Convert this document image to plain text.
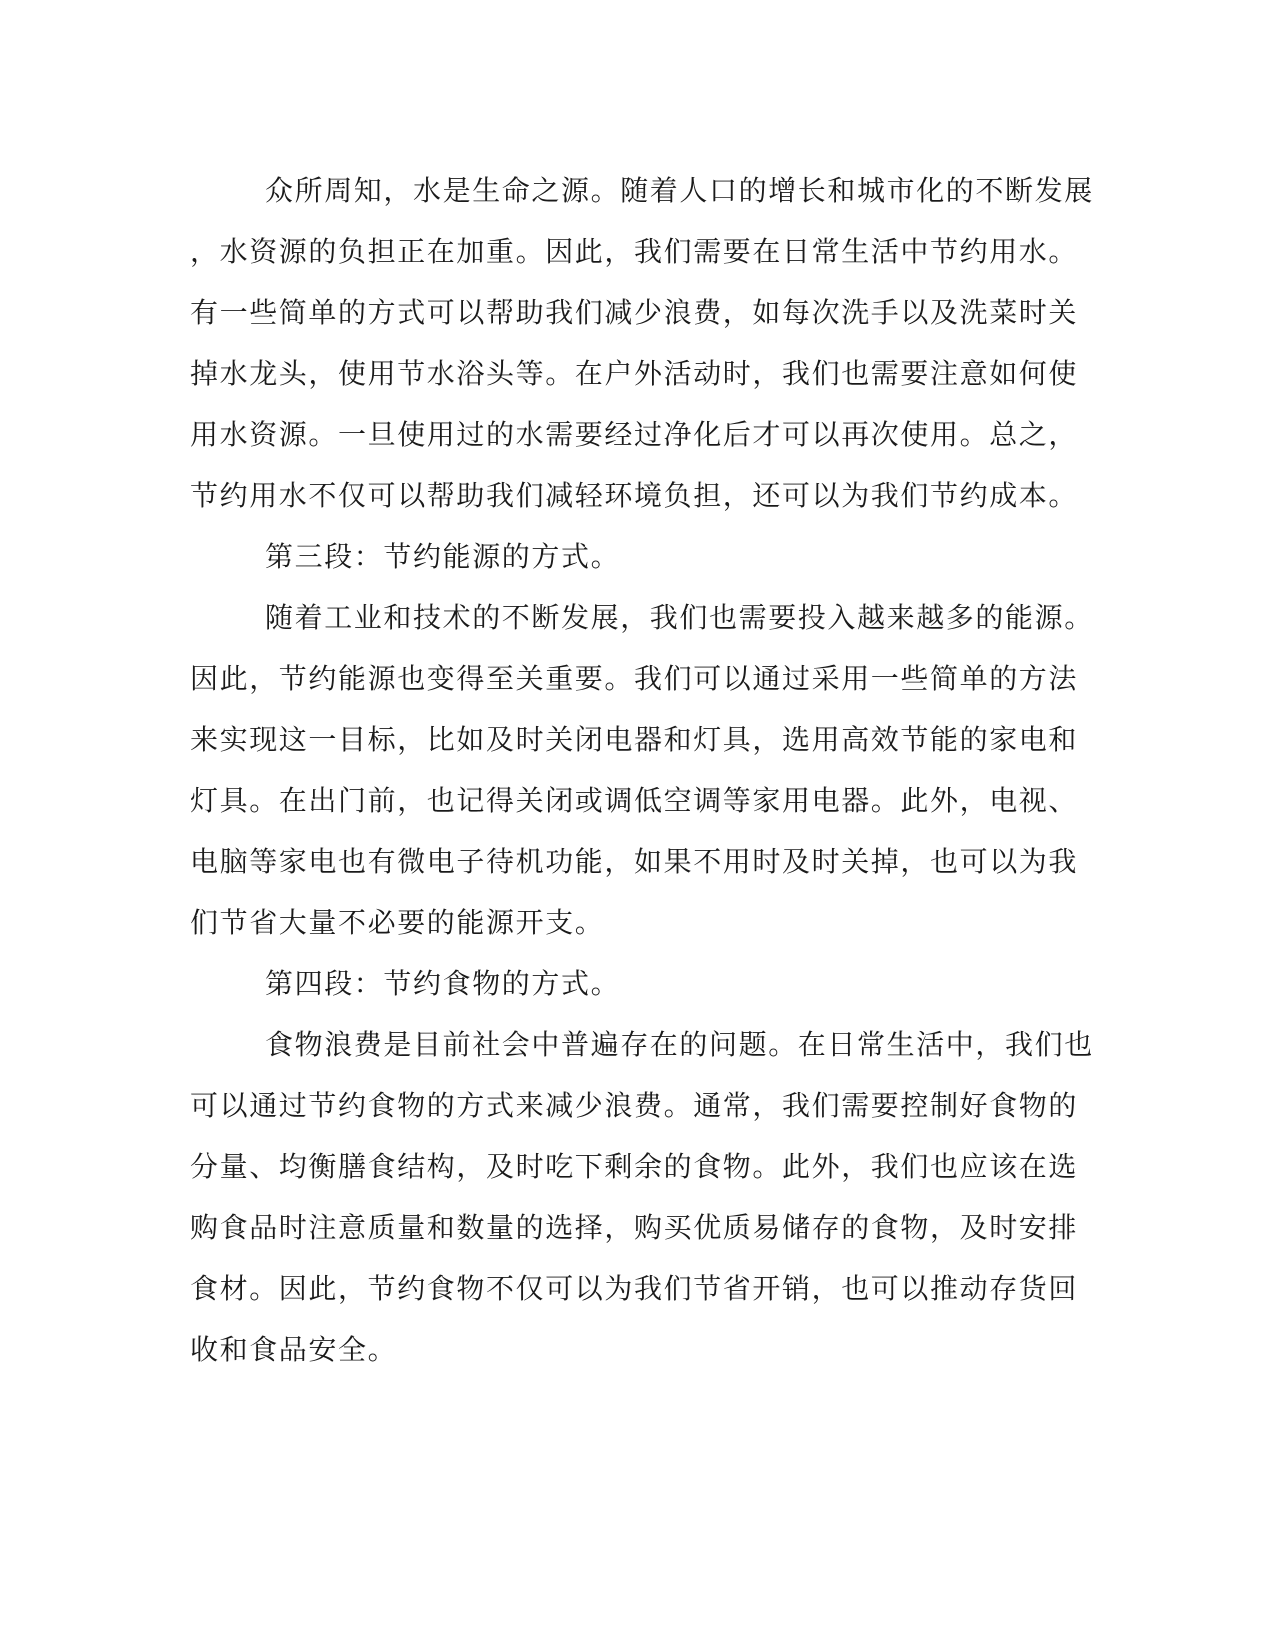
众所周知，水是生命之源。随着人口的增长和城市化的不断发展
，水资源的负担正在加重。因此，我们需要在日常生活中节约用水。
有一些简单的方式可以帮助我们减少浪费，如每次洗手以及洗菜时关
掉水龙头，使用节水浴头等。在户外活动时，我们也需要注意如何使
用水资源。一旦使用过的水需要经过净化后才可以再次使用。总之，
节约用水不仅可以帮助我们减轻环境负担，还可以为我们节约成本。
第三段：节约能源的方式。
随着工业和技术的不断发展，我们也需要投入越来越多的能源。
因此，节约能源也变得至关重要。我们可以通过采用一些简单的方法
来实现这一目标，比如及时关闭电器和灯具，选用高效节能的家电和
灯具。在出门前，也记得关闭或调低空调等家用电器。此外，电视、
电脑等家电也有微电子待机功能，如果不用时及时关掉，也可以为我
们节省大量不必要的能源开支。
第四段：节约食物的方式。
食物浪费是目前社会中普遍存在的问题。在日常生活中，我们也
可以通过节约食物的方式来减少浪费。通常，我们需要控制好食物的
分量、均衡膳食结构，及时吃下剩余的食物。此外，我们也应该在选
购食品时注意质量和数量的选择，购买优质易储存的食物，及时安排
食材。因此，节约食物不仅可以为我们节省开销，也可以推动存货回
收和食品安全。
